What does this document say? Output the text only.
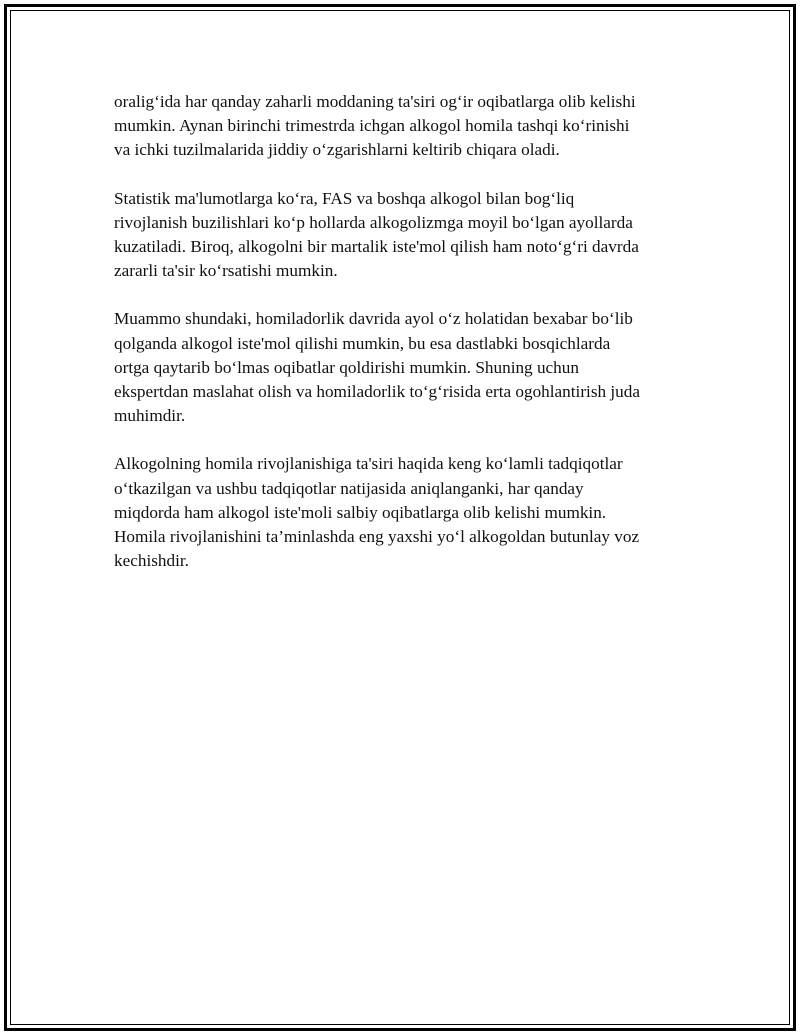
oralig‘ida har qanday zaharli moddaning ta'siri og‘ir oqibatlarga olib kelishi
mumkin. Aynan birinchi trimestrda ichgan alkogol homila tashqi ko‘rinishi
va ichki tuzilmalarida jiddiy o‘zgarishlarni keltirib chiqara oladi.

Statistik ma'lumotlarga ko‘ra, FAS va boshqa alkogol bilan bog‘liq
rivojlanish buzilishlari ko‘p hollarda alkogolizmga moyil bo‘lgan ayollarda
kuzatiladi. Biroq, alkogolni bir martalik iste'mol qilish ham noto‘g‘ri davrda
zararli ta'sir ko‘rsatishi mumkin.

Muammo shundaki, homiladorlik davrida ayol o‘z holatidan bexabar bo‘lib
qolganda alkogol iste'mol qilishi mumkin, bu esa dastlabki bosqichlarda
ortga qaytarib bo‘lmas oqibatlar qoldirishi mumkin. Shuning uchun
ekspertdan maslahat olish va homiladorlik to‘g‘risida erta ogohlantirish juda
muhimdir.

Alkogolning homila rivojlanishiga ta'siri haqida keng ko‘lamli tadqiqotlar
o‘tkazilgan va ushbu tadqiqotlar natijasida aniqlanganki, har qanday
miqdorda ham alkogol iste'moli salbiy oqibatlarga olib kelishi mumkin.
Homila rivojlanishini ta’minlashda eng yaxshi yo‘l alkogoldan butunlay voz
kechishdir.
